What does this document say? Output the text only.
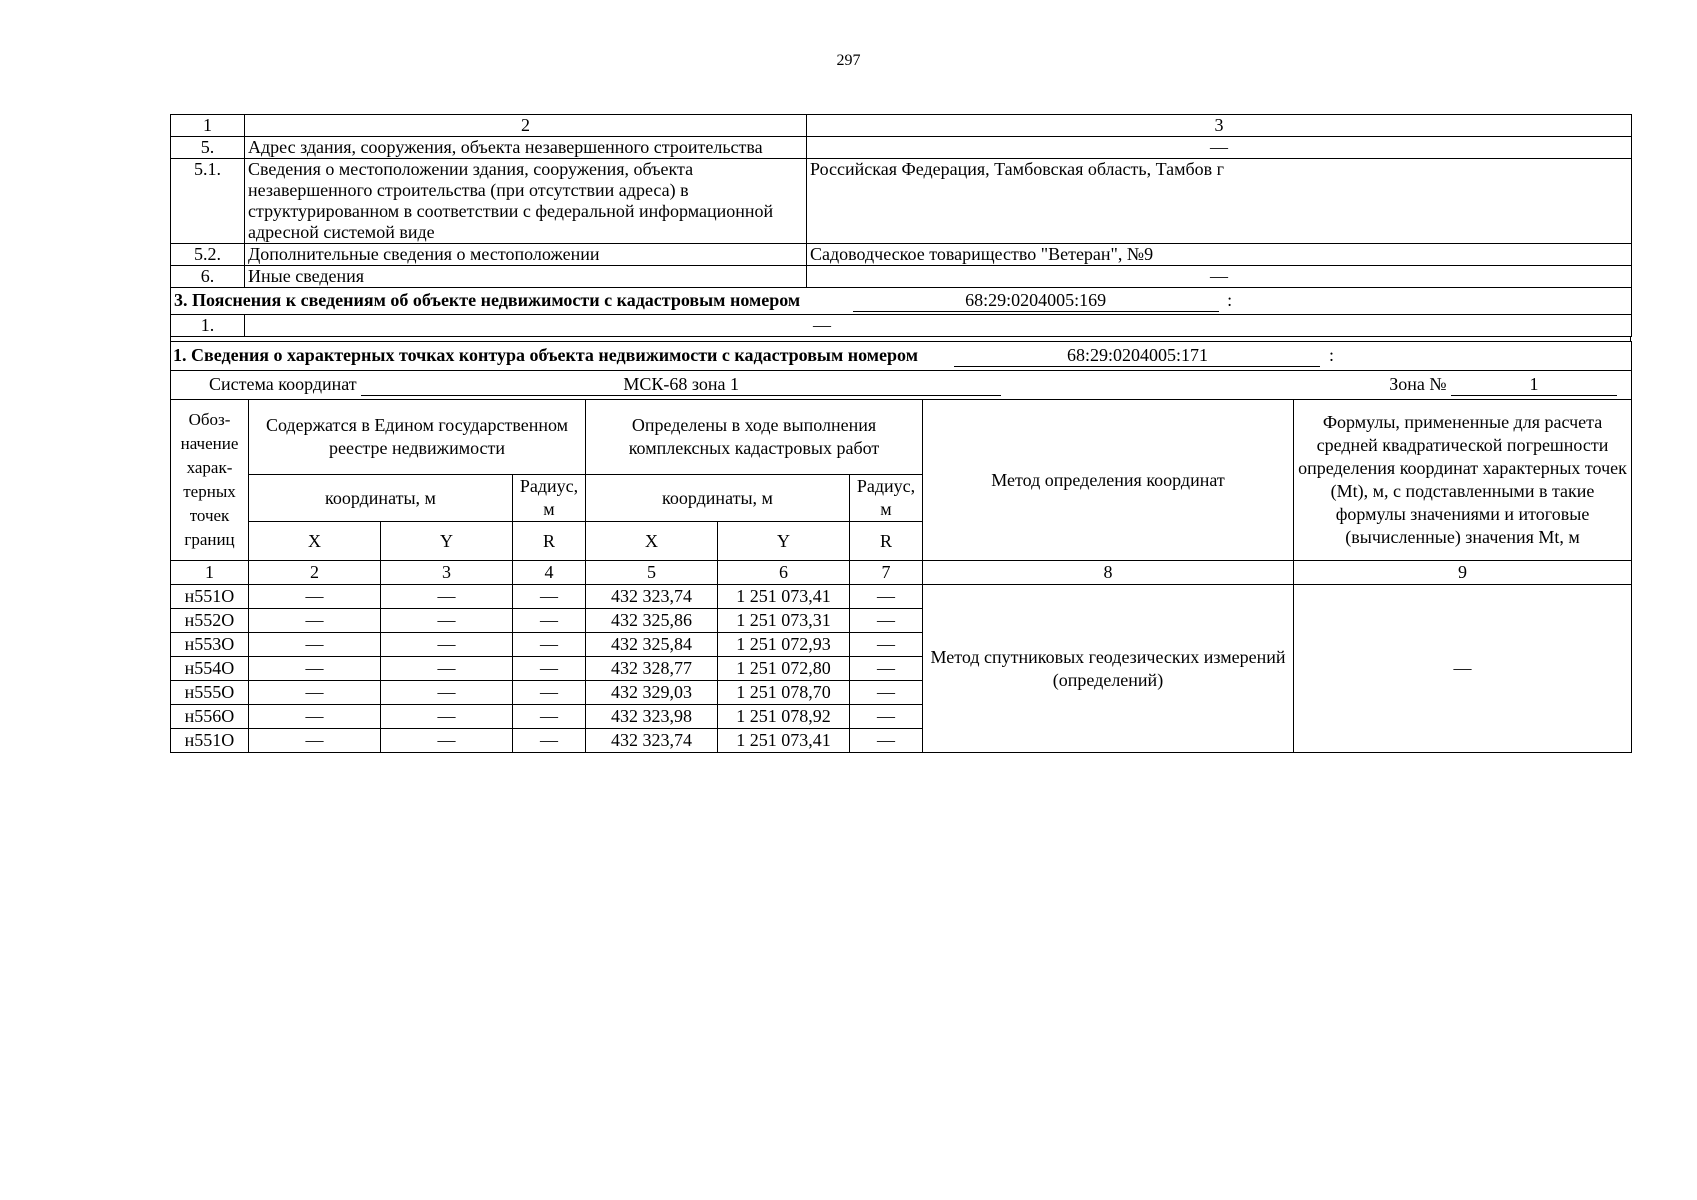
297
1	2	3
5.	Адрес здания, сооружения, объекта незавершенного строительства	—
5.1.	Сведения о местоположении здания, сооружения, объекта незавершенного строительства (при отсутствии адреса) в структурированном в соответствии с федеральной информационной адресной системой виде	Российская Федерация, Тамбовская область, Тамбов г
5.2.	Дополнительные сведения о местоположении	Садоводческое товарищество "Ветеран", №9
6.	Иные сведения	—
3. Пояснения к сведениям об объекте недвижимости с кадастровым номером 68:29:0204005:169 :		
1.	—	
1. Сведения о характерных точках контура объекта недвижимости с кадастровым номером 68:29:0204005:171 :								
Система координат МСК-68 зона 1 Зона № 1								

Обоз-начение харак-терных точек границ	Содержатся в Едином государственном реестре недвижимости			Определены в ходе выполнения комплексных кадастровых работ			Метод определения координат	Формулы, примененные для расчета средней квадратической погрешности определения координат характерных точек (Mt), м, с подставленными в такие формулы значениями и итоговые (вычисленные) значения Mt, м
	координаты, м		Радиус, м	координаты, м		Радиус, м		
	X	Y	R	X	Y	R		
1	2	3	4	5	6	7	8	9
н551О	—	—	—	432 323,74	1 251 073,41	—	Метод спутниковых геодезических измерений (определений)	—
н552О	—	—	—	432 325,86	1 251 073,31	—		
н553О	—	—	—	432 325,84	1 251 072,93	—		
н554О	—	—	—	432 328,77	1 251 072,80	—		
н555О	—	—	—	432 329,03	1 251 078,70	—		
н556О	—	—	—	432 323,98	1 251 078,92	—		
н551О	—	—	—	432 323,74	1 251 073,41	—		
